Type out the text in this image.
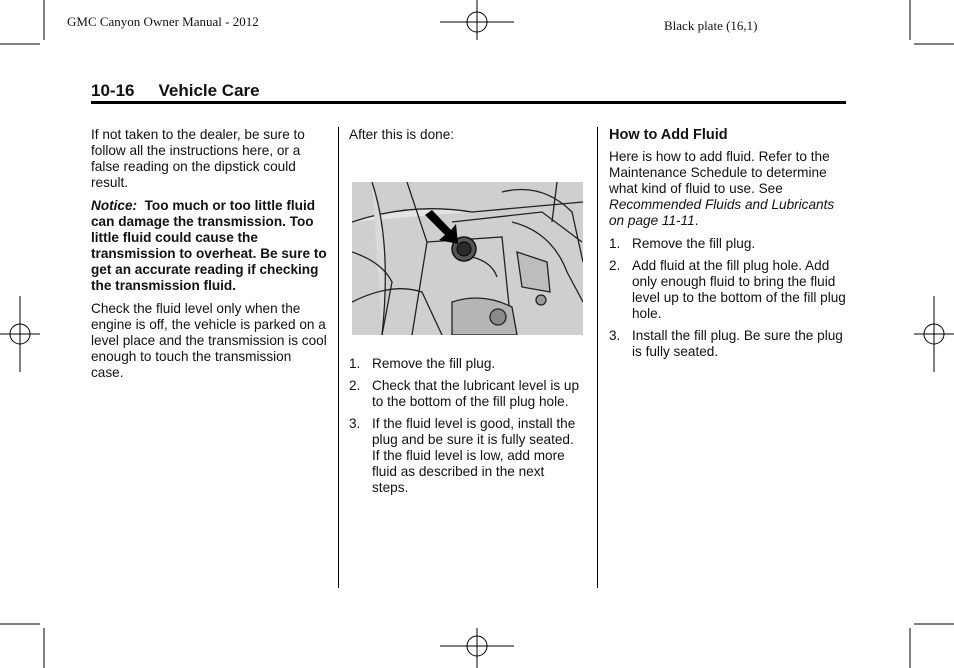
GMC Canyon Owner Manual - 2012	Black plate (16,1)
10-16 Vehicle Care

If not taken to the dealer, be sure to follow all the instructions here, or a false reading on the dipstick could result.

Notice: Too much or too little fluid can damage the transmission. Too little fluid could cause the transmission to overheat. Be sure to get an accurate reading if checking the transmission fluid.

Check the fluid level only when the engine is off, the vehicle is parked on a level place and the transmission is cool enough to touch the transmission case.

After this is done:

1. Remove the fill plug.
2. Check that the lubricant level is up to the bottom of the fill plug hole.
3. If the fluid level is good, install the plug and be sure it is fully seated. If the fluid level is low, add more fluid as described in the next steps.
How to Add Fluid

Here is how to add fluid. Refer to the Maintenance Schedule to determine what kind of fluid to use. See Recommended Fluids and Lubricants on page 11-11.

1. Remove the fill plug.
2. Add fluid at the fill plug hole. Add only enough fluid to bring the fluid level up to the bottom of the fill plug hole.
3. Install the fill plug. Be sure the plug is fully seated.
